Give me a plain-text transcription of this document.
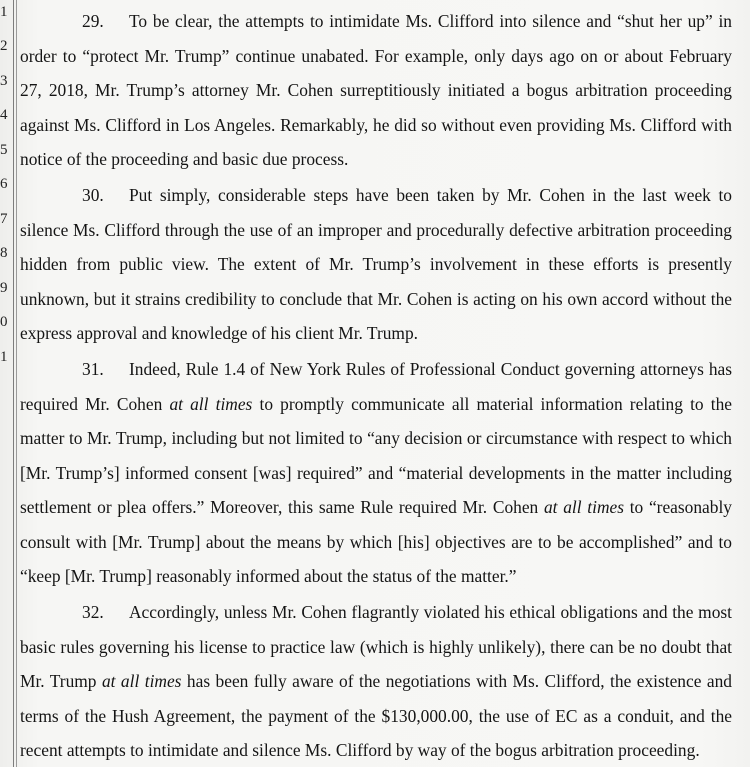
1
2
3
4
5
6
7
8
9
0
1
29. To be clear, the attempts to intimidate Ms. Clifford into silence and “shut her up” in
order to “protect Mr. Trump” continue unabated. For example, only days ago on or about February
27, 2018, Mr. Trump’s attorney Mr. Cohen surreptitiously initiated a bogus arbitration proceeding
against Ms. Clifford in Los Angeles. Remarkably, he did so without even providing Ms. Clifford with
notice of the proceeding and basic due process.
30. Put simply, considerable steps have been taken by Mr. Cohen in the last week to
silence Ms. Clifford through the use of an improper and procedurally defective arbitration proceeding
hidden from public view. The extent of Mr. Trump’s involvement in these efforts is presently
unknown, but it strains credibility to conclude that Mr. Cohen is acting on his own accord without the
express approval and knowledge of his client Mr. Trump.
31. Indeed, Rule 1.4 of New York Rules of Professional Conduct governing attorneys has
required Mr. Cohen at all times to promptly communicate all material information relating to the
matter to Mr. Trump, including but not limited to “any decision or circumstance with respect to which
[Mr. Trump’s] informed consent [was] required” and “material developments in the matter including
settlement or plea offers.” Moreover, this same Rule required Mr. Cohen at all times to “reasonably
consult with [Mr. Trump] about the means by which [his] objectives are to be accomplished” and to
“keep [Mr. Trump] reasonably informed about the status of the matter.”
32. Accordingly, unless Mr. Cohen flagrantly violated his ethical obligations and the most
basic rules governing his license to practice law (which is highly unlikely), there can be no doubt that
Mr. Trump at all times has been fully aware of the negotiations with Ms. Clifford, the existence and
terms of the Hush Agreement, the payment of the $130,000.00, the use of EC as a conduit, and the
recent attempts to intimidate and silence Ms. Clifford by way of the bogus arbitration proceeding.
